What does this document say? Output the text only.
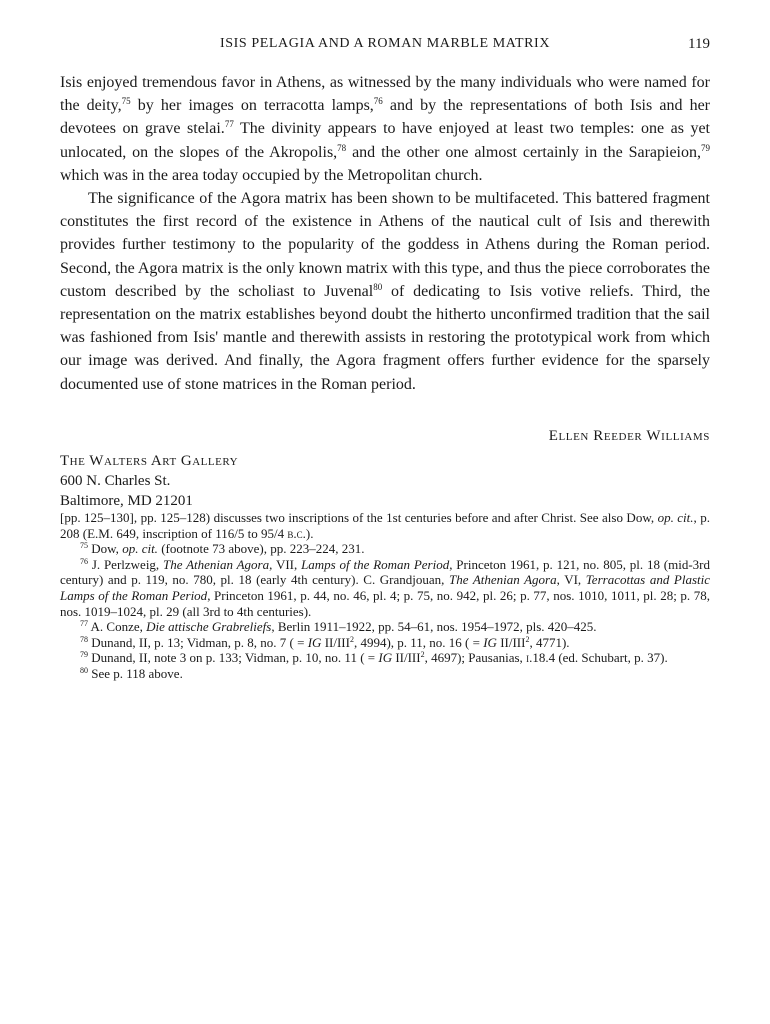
ISIS PELAGIA AND A ROMAN MARBLE MATRIX	119

Isis enjoyed tremendous favor in Athens, as witnessed by the many individuals who were named for the deity,$^{75}$ by her images on terracotta lamps,$^{76}$ and by the representations of both Isis and her devotees on grave stelai.$^{77}$ The divinity appears to have enjoyed at least two temples: one as yet unlocated, on the slopes of the Akropolis,$^{78}$ and the other one almost certainly in the Sarapieion,$^{79}$ which was in the area today occupied by the Metropolitan church.

The significance of the Agora matrix has been shown to be multifaceted. This battered fragment constitutes the first record of the existence in Athens of the nautical cult of Isis and therewith provides further testimony to the popularity of the goddess in Athens during the Roman period. Second, the Agora matrix is the only known matrix with this type, and thus the piece corroborates the custom described by the scholiast to Juvenal$^{80}$ of dedicating to Isis votive reliefs. Third, the representation on the matrix establishes beyond doubt the hitherto unconfirmed tradition that the sail was fashioned from Isis' mantle and therewith assists in restoring the prototypical work from which our image was derived. And finally, the Agora fragment offers further evidence for the sparsely documented use of stone matrices in the Roman period.

Ellen Reeder Williams
The Walters Art Gallery
600 N. Charles St.
Baltimore, MD 21201

[pp. 125–130], pp. 125–128) discusses two inscriptions of the 1st centuries before and after Christ. See also Dow, op. cit., p. 208 (E.M. 649, inscription of 116/5 to 95/4 b.c.).

$^{75}$ Dow, op. cit. (footnote 73 above), pp. 223–224, 231.

$^{76}$ J. Perlzweig, The Athenian Agora, VII, Lamps of the Roman Period, Princeton 1961, p. 121, no. 805, pl. 18 (mid-3rd century) and p. 119, no. 780, pl. 18 (early 4th century). C. Grandjouan, The Athenian Agora, VI, Terracottas and Plastic Lamps of the Roman Period, Princeton 1961, p. 44, no. 46, pl. 4; p. 75, no. 942, pl. 26; p. 77, nos. 1010, 1011, pl. 28; p. 78, nos. 1019–1024, pl. 29 (all 3rd to 4th centuries).

$^{77}$ A. Conze, Die attische Grabreliefs, Berlin 1911–1922, pp. 54–61, nos. 1954–1972, pls. 420–425.

$^{78}$ Dunand, II, p. 13; Vidman, p. 8, no. 7 ( = IG II/III$^2$, 4994), p. 11, no. 16 ( = IG II/III$^2$, 4771).

$^{79}$ Dunand, II, note 3 on p. 133; Vidman, p. 10, no. 11 ( = IG II/III$^2$, 4697); Pausanias, i.18.4 (ed. Schubart, p. 37).

$^{80}$ See p. 118 above.
